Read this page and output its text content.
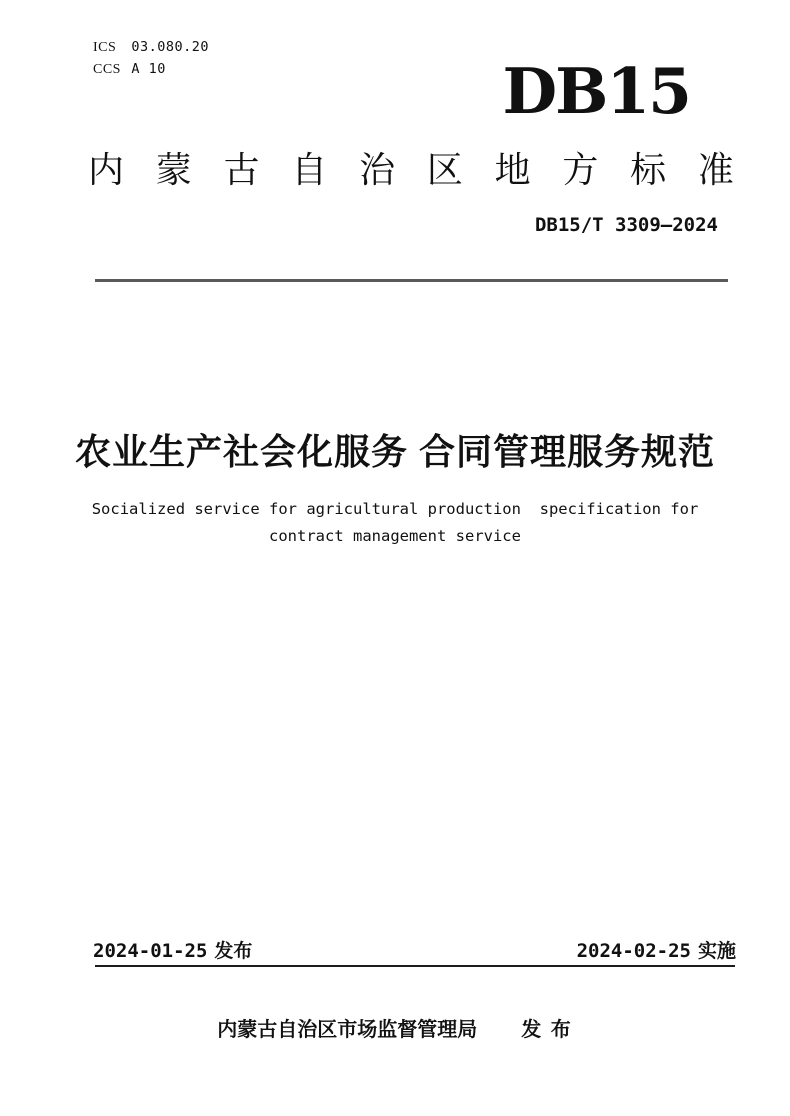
ICS 03.080.20
CCS A 10	DB15
内 蒙 古 自 治 区 地 方 标 准
DB15/T 3309—2024
农业生产社会化服务 合同管理服务规范
Socialized service for agricultural production  specification for
contract management service
2024-01-25 发布	2024-02-25 实施
内蒙古自治区市场监督管理局 发 布
